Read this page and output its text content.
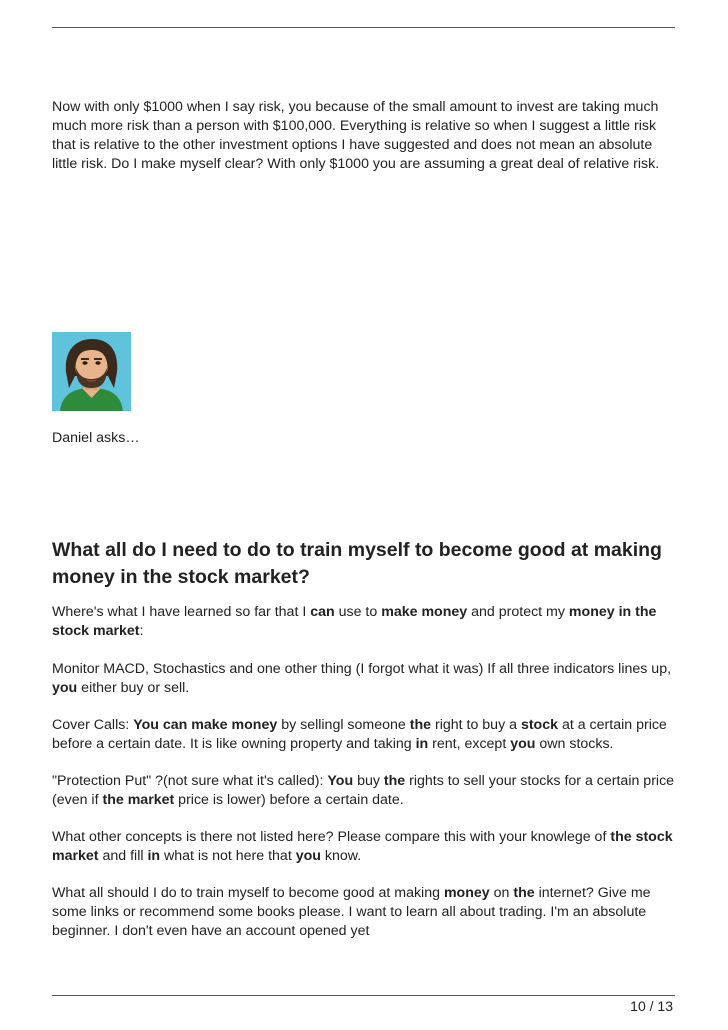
Now with only $1000 when I say risk, you because of the small amount to invest are taking much much more risk than a person with $100,000. Everything is relative so when I suggest a little risk that is relative to the other investment options I have suggested and does not mean an absolute little risk. Do I make myself clear? With only $1000 you are assuming a great deal of relative risk.

Daniel asks…

What all do I need to do to train myself to become good at making money in the stock market?

Where's what I have learned so far that I can use to make money and protect my money in the stock market:

Monitor MACD, Stochastics and one other thing (I forgot what it was) If all three indicators lines up, you either buy or sell.

Cover Calls: You can make money by sellingl someone the right to buy a stock at a certain price before a certain date. It is like owning property and taking in rent, except you own stocks.

"Protection Put" ?(not sure what it's called): You buy the rights to sell your stocks for a certain price (even if the market price is lower) before a certain date.

What other concepts is there not listed here? Please compare this with your knowlege of the stock market and fill in what is not here that you know.

What all should I do to train myself to become good at making money on the internet? Give me some links or recommend some books please. I want to learn all about trading. I'm an absolute beginner. I don't even have an account opened yet

10 / 13
